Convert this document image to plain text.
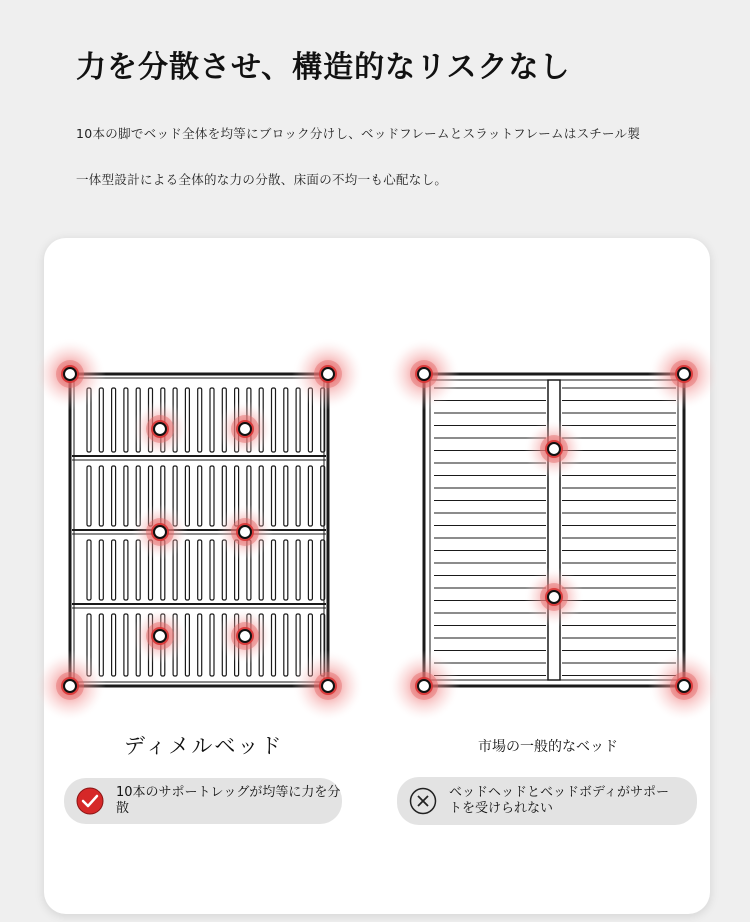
力を分散させ、構造的なリスクなし
10本の脚でベッド全体を均等にブロック分けし、ベッドフレームとスラットフレームはスチール製
一体型設計による全体的な力の分散、床面の不均一も心配なし。
ディメルベッド	市場の一般的なベッド
10本のサポートレッグが均等に力を分散
ベッドヘッドとベッドボディがサポートを受けられない
